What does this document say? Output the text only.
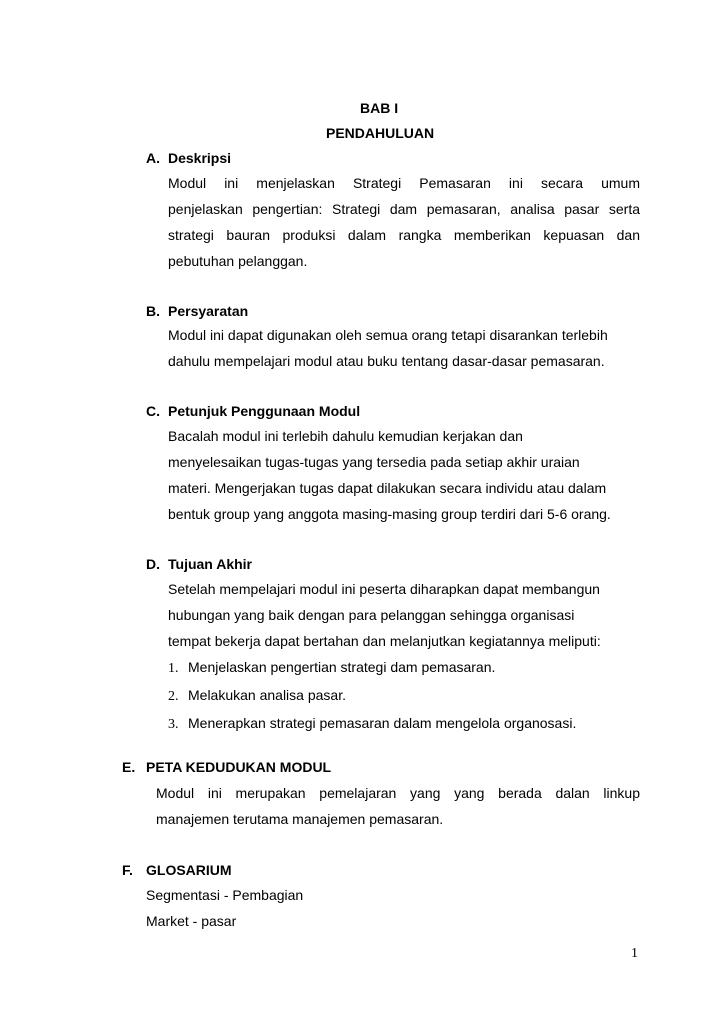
BAB I
PENDAHULUAN
A. Deskripsi
Modul ini menjelaskan Strategi Pemasaran ini secara umum
penjelaskan pengertian: Strategi dam pemasaran, analisa pasar serta
strategi bauran produksi dalam rangka memberikan kepuasan dan
pebutuhan pelanggan.
B. Persyaratan
Modul ini dapat digunakan oleh semua orang tetapi disarankan terlebih
dahulu mempelajari modul atau buku tentang dasar-dasar pemasaran.
C. Petunjuk Penggunaan Modul
Bacalah modul ini terlebih dahulu kemudian kerjakan dan
menyelesaikan tugas-tugas yang tersedia pada setiap akhir uraian
materi. Mengerjakan tugas dapat dilakukan secara individu atau dalam
bentuk group yang anggota masing-masing group terdiri dari 5-6 orang.
D. Tujuan Akhir
Setelah mempelajari modul ini peserta diharapkan dapat membangun
hubungan yang baik dengan para pelanggan sehingga organisasi
tempat bekerja dapat bertahan dan melanjutkan kegiatannya meliputi:
1. Menjelaskan pengertian strategi dam pemasaran.
2. Melakukan analisa pasar.
3. Menerapkan strategi pemasaran dalam mengelola organosasi.
E. PETA KEDUDUKAN MODUL
Modul ini merupakan pemelajaran yang yang berada dalan linkup
manajemen terutama manajemen pemasaran.
F. GLOSARIUM
Segmentasi - Pembagian
Market - pasar
1
